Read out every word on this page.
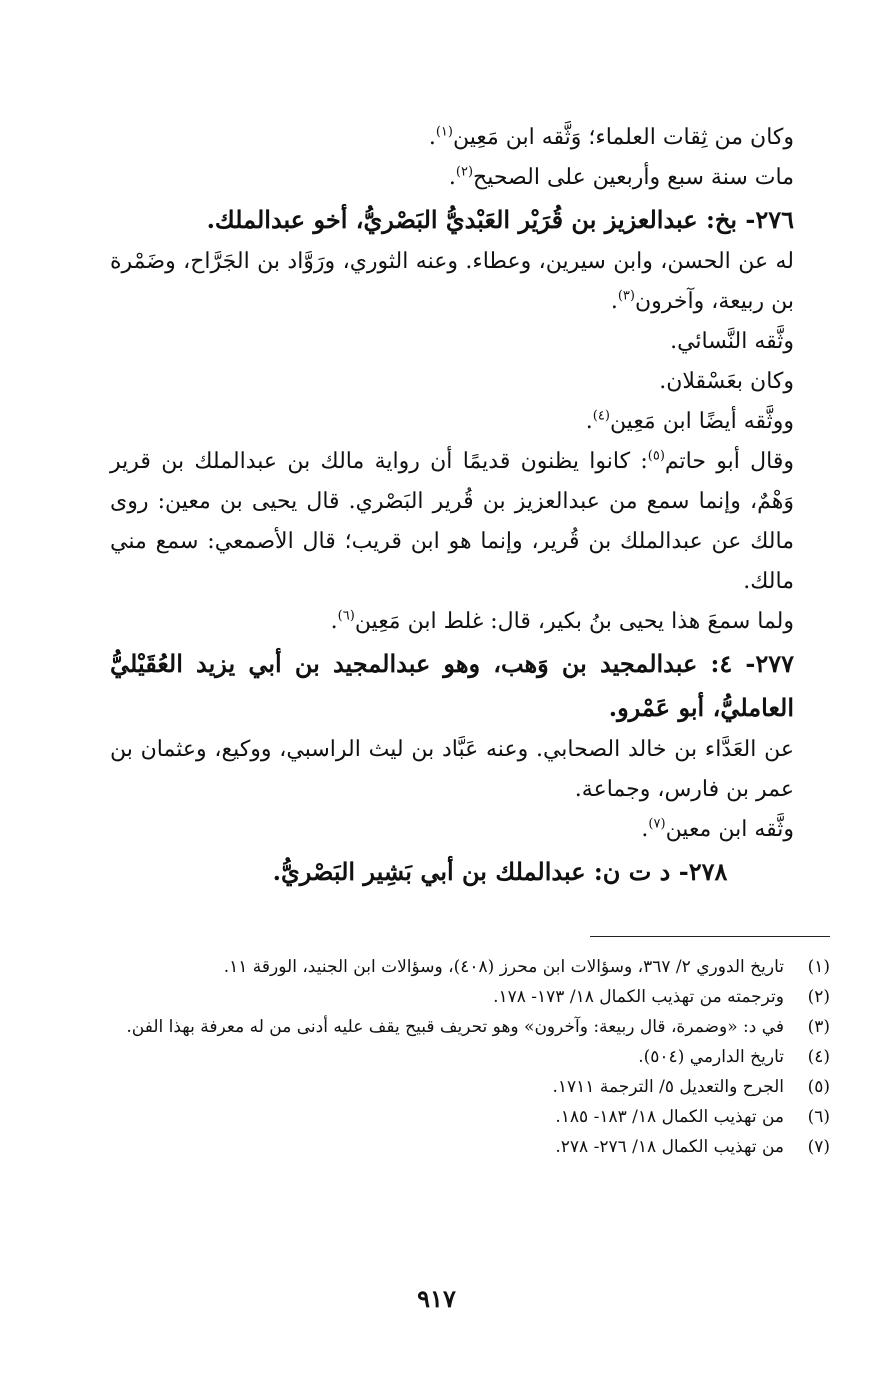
وكان من ثِقات العلماء؛ وَثَّقه ابن مَعِين$^{(١)}$.
مات سنة سبع وأربعين على الصحيح$^{(٢)}$.
٢٧٦- بخ: عبدالعزيز بن قُرَيْر العَبْديُّ البَصْريُّ، أخو عبدالملك.
له عن الحسن، وابن سيرين، وعطاء. وعنه الثوري، ورَوَّاد بن الجَرَّاح، وضَمْرة بن ربيعة، وآخرون$^{(٣)}$.
وثَّقه النَّسائي.
وكان بعَسْقلان.
ووثَّقه أيضًا ابن مَعِين$^{(٤)}$.
وقال أبو حاتم$^{(٥)}$: كانوا يظنون قديمًا أن رواية مالك بن عبدالملك بن قرير وَهْمٌ، وإنما سمع من عبدالعزيز بن قُرير البَصْري. قال يحيى بن معين: روى مالك عن عبدالملك بن قُرير، وإنما هو ابن قريب؛ قال الأصمعي: سمع مني مالك.
ولما سمعَ هذا يحيى بنُ بكير، قال: غلط ابن مَعِين$^{(٦)}$.
٢٧٧- ٤: عبدالمجيد بن وَهب، وهو عبدالمجيد بن أبي يزيد العُقَيْليُّ العامليُّ، أبو عَمْرو.
عن العَدَّاء بن خالد الصحابي. وعنه عَبَّاد بن ليث الراسبي، ووكيع، وعثمان بن عمر بن فارس، وجماعة.
وثَّقه ابن معين$^{(٧)}$.
٢٧٨- د ت ن: عبدالملك بن أبي بَشِير البَصْريُّ.
(١)
تاريخ الدوري ٢/ ٣٦٧، وسؤالات ابن محرز (٤٠٨)، وسؤالات ابن الجنيد، الورقة ١١.
(٢)
وترجمته من تهذيب الكمال ١٨/ ١٧٣- ١٧٨.
(٣)
في د: «وضمرة، قال ربيعة: وآخرون» وهو تحريف قبيح يقف عليه أدنى من له معرفة بهذا الفن.
(٤)
تاريخ الدارمي (٥٠٤).
(٥)
الجرح والتعديل ٥/ الترجمة ١٧١١.
(٦)
من تهذيب الكمال ١٨/ ١٨٣- ١٨٥.
(٧)
من تهذيب الكمال ١٨/ ٢٧٦- ٢٧٨.
٩١٧
